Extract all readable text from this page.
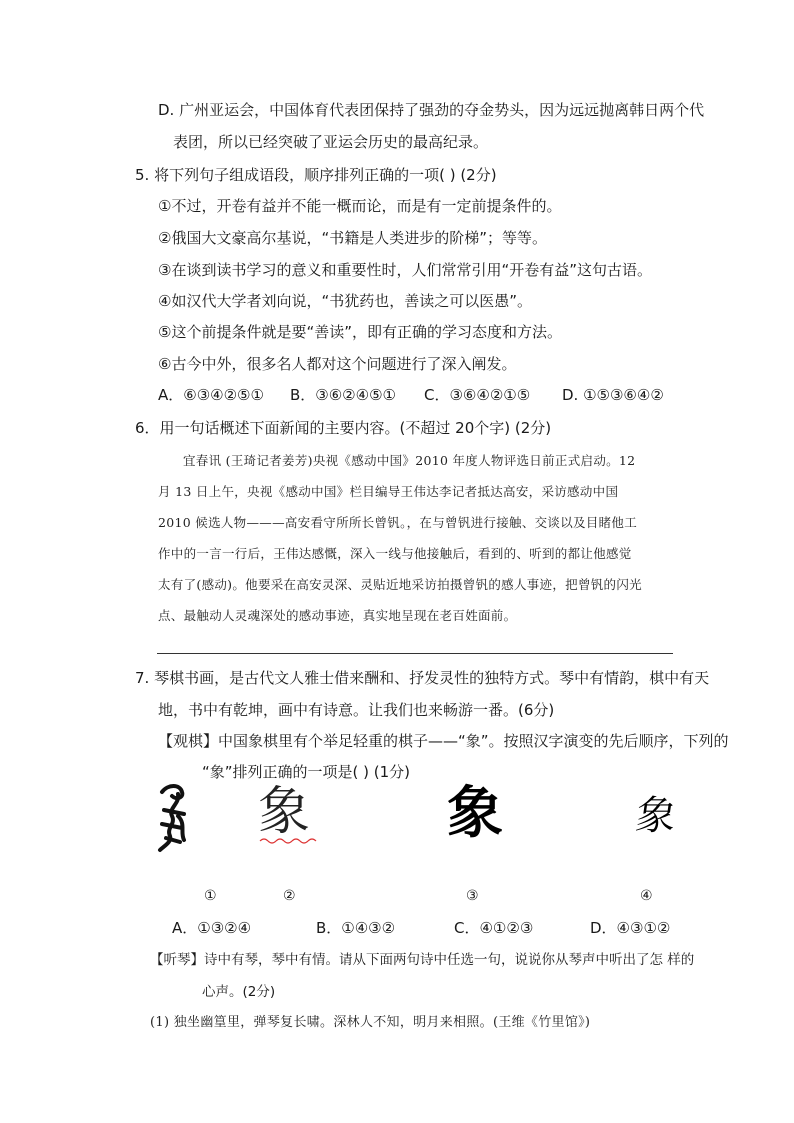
D. 广州亚运会，中国体育代表团保持了强劲的夺金势头，因为远远抛离韩日两个代
表团，所以已经突破了亚运会历史的最高纪录。
5. 将下列句子组成语段，顺序排列正确的一项( ) (2分)
①不过，开卷有益并不能一概而论，而是有一定前提条件的。
②俄国大文豪高尔基说，“书籍是人类进步的阶梯”；等等。
③在谈到读书学习的意义和重要性时，人们常常引用“开卷有益”这句古语。
④如汉代大学者刘向说，“书犹药也，善读之可以医愚”。
⑤这个前提条件就是要“善读”，即有正确的学习态度和方法。
⑥古今中外，很多名人都对这个问题进行了深入阐发。
A．⑥③④②⑤① B．③⑥②④⑤① C．③⑥④②①⑤ D. ①⑤③⑥④②
6．用一句话概述下面新闻的主要内容。(不超过 20个字) (2分)
宜春讯 (王琦记者姜芳)央视《感动中国》2010 年度人物评选日前正式启动。12
月 13 日上午，央视《感动中国》栏目编导王伟达李记者抵达高安，采访感动中国
2010 候选人物———高安看守所所长曾钒。，在与曾钒进行接触、交谈以及目睹他工
作中的一言一行后，王伟达感慨，深入一线与他接触后，看到的、听到的都让他感觉
太有了(感动)。他要采在高安灵深、灵贴近地采访拍摄曾钒的感人事迹，把曾钒的闪光
点、最触动人灵魂深处的感动事迹，真实地呈现在老百姓面前。
7. 琴棋书画，是古代文人雅士借来酬和、抒发灵性的独特方式。琴中有情韵，棋中有天
地，书中有乾坤，画中有诗意。让我们也来畅游一番。(6分)
【观棋】中国象棋里有个举足轻重的棋子——“象”。按照汉字演变的先后顺序，下列的
“象”排列正确的一项是( ) (1分)
象 象	象
①	②	③	④
A．①③②④	B．①④③②	C．④①②③	D．④③①②
【听琴】诗中有琴，琴中有情。请从下面两句诗中任选一句，说说你从琴声中听出了怎 样的
心声。(2分)
(1) 独坐幽篁里，弹琴复长啸。深林人不知，明月来相照。(王维《竹里馆》)
